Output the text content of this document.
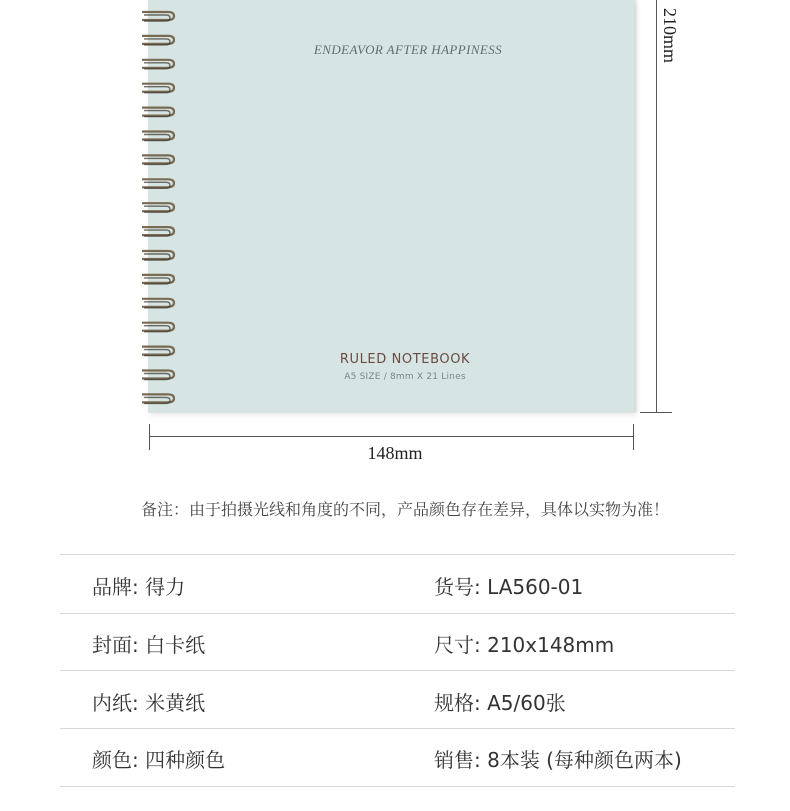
ENDEAVOR AFTER HAPPINESS
RULED NOTEBOOK
A5 SIZE / 8mm X 21 Lines
210mm
148mm
备注：由于拍摄光线和角度的不同，产品颜色存在差异，具体以实物为准！
品牌: 得力	货号: LA560-01
封面: 白卡纸	尺寸: 210x148mm
内纸: 米黄纸	规格: A5/60张
颜色: 四种颜色	销售: 8本装 (每种颜色两本)
